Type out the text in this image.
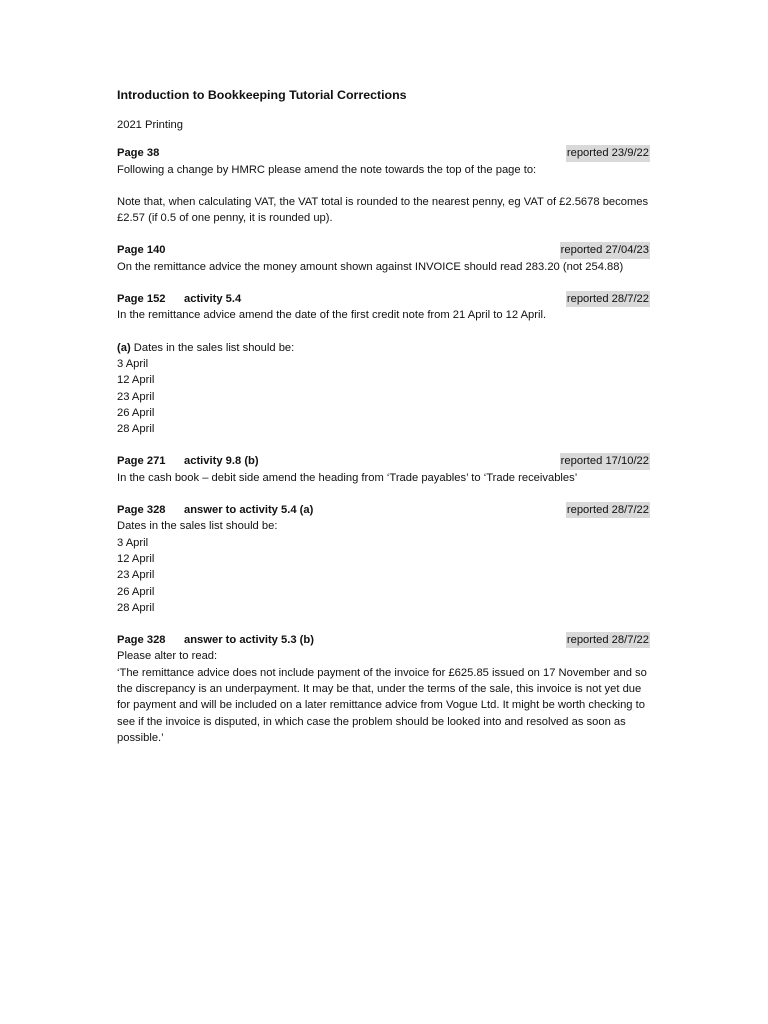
Introduction to Bookkeeping Tutorial Corrections
2021 Printing
Page 38	reported 23/9/22
Following a change by HMRC please amend the note towards the top of the page to:
Note that, when calculating VAT, the VAT total is rounded to the nearest penny, eg VAT of £2.5678 becomes £2.57 (if 0.5 of one penny, it is rounded up).
Page 140	reported 27/04/23
On the remittance advice the money amount shown against INVOICE should read 283.20 (not 254.88)
Page 152	activity 5.4	reported 28/7/22
In the remittance advice amend the date of the first credit note from 21 April to 12 April.
(a) Dates in the sales list should be:
3 April
12 April
23 April
26 April
28 April
Page 271	activity 9.8 (b)	reported 17/10/22
In the cash book – debit side amend the heading from ‘Trade payables’ to ‘Trade receivables’
Page 328	answer to activity 5.4 (a)	reported 28/7/22
Dates in the sales list should be:
3 April
12 April
23 April
26 April
28 April
Page 328	answer to activity 5.3 (b)	reported 28/7/22
Please alter to read:
‘The remittance advice does not include payment of the invoice for £625.85 issued on 17 November and so the discrepancy is an underpayment. It may be that, under the terms of the sale, this invoice is not yet due for payment and will be included on a later remittance advice from Vogue Ltd. It might be worth checking to see if the invoice is disputed, in which case the problem should be looked into and resolved as soon as possible.’
